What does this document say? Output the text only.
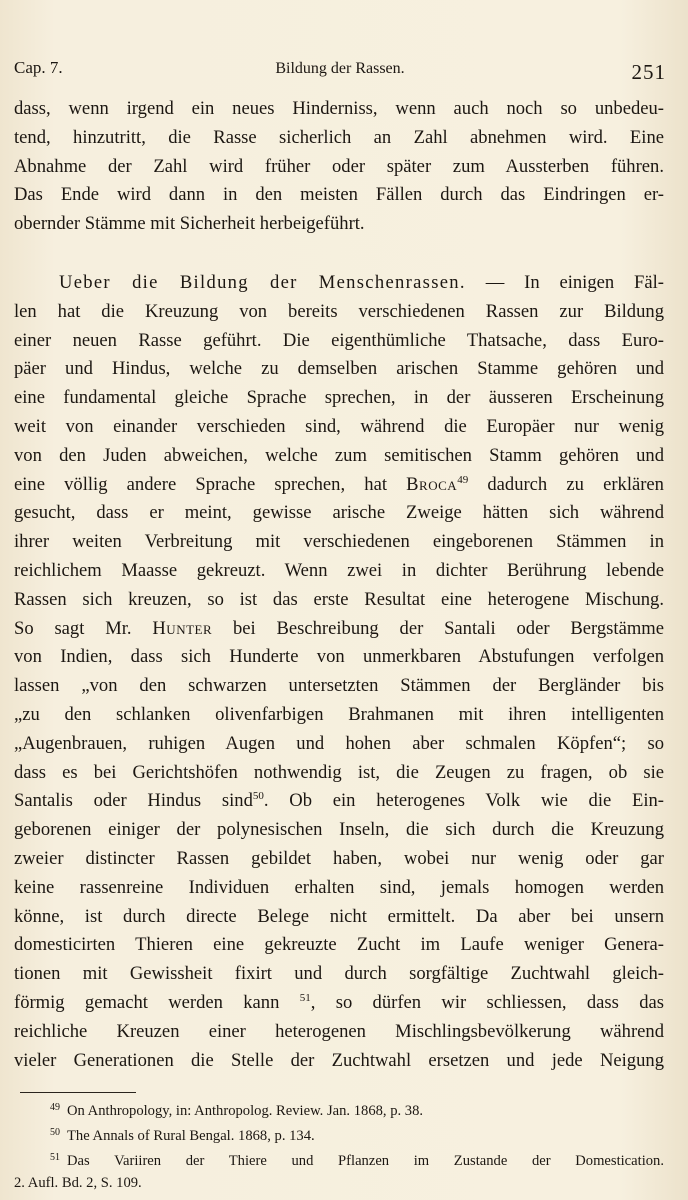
Cap. 7.	Bildung der Rassen.	251
dass, wenn irgend ein neues Hinderniss, wenn auch noch so unbedeu-
tend, hinzutritt, die Rasse sicherlich an Zahl abnehmen wird. Eine
Abnahme der Zahl wird früher oder später zum Aussterben führen.
Das Ende wird dann in den meisten Fällen durch das Eindringen er-
obernder Stämme mit Sicherheit herbeigeführt.
Ueber die Bildung der Menschenrassen. — In einigen Fäl-
len hat die Kreuzung von bereits verschiedenen Rassen zur Bildung
einer neuen Rasse geführt. Die eigenthümliche Thatsache, dass Euro-
päer und Hindus, welche zu demselben arischen Stamme gehören und
eine fundamental gleiche Sprache sprechen, in der äusseren Erscheinung
weit von einander verschieden sind, während die Europäer nur wenig
von den Juden abweichen, welche zum semitischen Stamm gehören und
eine völlig andere Sprache sprechen, hat Broca$^{49}$ dadurch zu erklären
gesucht, dass er meint, gewisse arische Zweige hätten sich während
ihrer weiten Verbreitung mit verschiedenen eingeborenen Stämmen in
reichlichem Maasse gekreuzt. Wenn zwei in dichter Berührung lebende
Rassen sich kreuzen, so ist das erste Resultat eine heterogene Mischung.
So sagt Mr. Hunter bei Beschreibung der Santali oder Bergstämme
von Indien, dass sich Hunderte von unmerkbaren Abstufungen verfolgen
lassen „von den schwarzen untersetzten Stämmen der Bergländer bis
„zu den schlanken olivenfarbigen Brahmanen mit ihren intelligenten
„Augenbrauen, ruhigen Augen und hohen aber schmalen Köpfen“; so
dass es bei Gerichtshöfen nothwendig ist, die Zeugen zu fragen, ob sie
Santalis oder Hindus sind$^{50}$. Ob ein heterogenes Volk wie die Ein-
geborenen einiger der polynesischen Inseln, die sich durch die Kreuzung
zweier distincter Rassen gebildet haben, wobei nur wenig oder gar
keine rassenreine Individuen erhalten sind, jemals homogen werden
könne, ist durch directe Belege nicht ermittelt. Da aber bei unsern
domesticirten Thieren eine gekreuzte Zucht im Laufe weniger Genera-
tionen mit Gewissheit fixirt und durch sorgfältige Zuchtwahl gleich-
förmig gemacht werden kann $^{51}$, so dürfen wir schliessen, dass das
reichliche Kreuzen einer heterogenen Mischlingsbevölkerung während
vieler Generationen die Stelle der Zuchtwahl ersetzen und jede Neigung
$^{49}$ On Anthropology, in: Anthropolog. Review. Jan. 1868, p. 38.
$^{50}$ The Annals of Rural Bengal. 1868, p. 134.
$^{51}$ Das Variiren der Thiere und Pflanzen im Zustande der Domestication.
2. Aufl. Bd. 2, S. 109.
